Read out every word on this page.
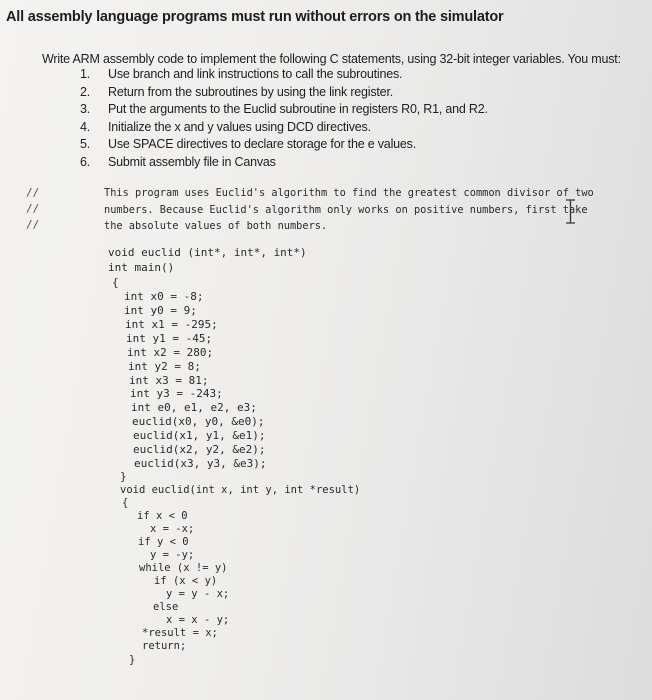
All assembly language programs must run without errors on the simulator
Write ARM assembly code to implement the following C statements, using 32-bit integer variables. You must:
1. Use branch and link instructions to call the subroutines.
2. Return from the subroutines by using the link register.
3. Put the arguments to the Euclid subroutine in registers R0, R1, and R2.
4. Initialize the x and y values using DCD directives.
5. Use SPACE directives to declare storage for the e values.
6. Submit assembly file in Canvas
//
//
//
This program uses Euclid's algorithm to find the greatest common divisor of two
numbers. Because Euclid's algorithm only works on positive numbers, first take
the absolute values of both numbers.
void euclid (int*, int*, int*)
int main()
{
int x0 = -8;
int y0 = 9;
int x1 = -295;
int y1 = -45;
int x2 = 280;
int y2 = 8;
int x3 = 81;
int y3 = -243;
int e0, e1, e2, e3;
euclid(x0, y0, &e0);
euclid(x1, y1, &e1);
euclid(x2, y2, &e2);
euclid(x3, y3, &e3);
}
void euclid(int x, int y, int *result)
{
if x < 0
x = -x;
if y < 0
y = -y;
while (x != y)
if (x < y)
y = y - x;
else
x = x - y;
*result = x;
return;
}
